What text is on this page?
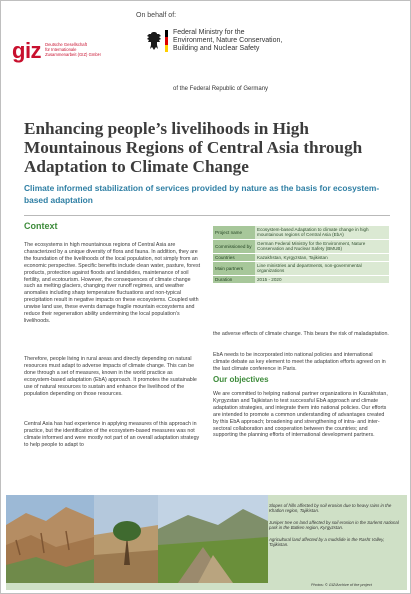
On behalf of:
giz Deutsche Gesellschaft
für Internationale
Zusammenarbeit (GIZ) GmbH
Federal Ministry for the
Environment, Nature Conservation,
Building and Nuclear Safety
of the Federal Republic of Germany
Enhancing people’s livelihoods in High Mountainous Regions of Central Asia through Adaptation to Climate Change
Climate informed stabilization of services provided by nature as the basis for ecosystem-based adaptation
Context

The ecosystems in high mountainous regions of Central Asia are characterized by a unique diversity of flora and fauna. In addition, they are the foundation of the livelihoods of the local population, not simply from an economic perspective. Specific benefits include clean water, pasture, forest products, protection against floods and landslides, maintenance of soil fertility, and ecotourism. However, the consequences of climate change such as melting glaciers, changing river runoff regimes, and weather anomalies including sharp temperature fluctuations and non-typical precipitation result in negative impacts on these ecosystems. Coupled with unwise land use, these events damage fragile mountain ecosystems and reduce their regeneration ability undermining the local population’s livelihoods.

Therefore, people living in rural areas and directly depending on natural resources must adapt to adverse impacts of climate change. This can be done through a set of measures, known in the world practice as ecosystem-based adaptation (EbA) approach. It promotes the sustainable use of natural resources to sustain and enhance the livelihood of the population depending on those resources.

Central Asia has had experience in applying measures of this approach in practice, but the identification of the ecosystem-based measures was not climate informed and were mostly not part of an overall adaptation strategy to help people to adapt to

Project name	Ecosystem-based Adaptation to climate change in high mountainous regions of Central Asia (EbA)
Commissioned by	German Federal Ministry for the Environment, Nature Conservation and Nuclear Safety (BMUB)
Countries	Kazakhstan, Kyrgyzstan, Tajikistan
Main partners	Line ministries and departments, non-governmental organizations
Duration	2015 - 2020

the adverse effects of climate change. This bears the risk of maladaptation.

EbA needs to be incorporated into national policies and international climate debate as key element to meet the adaptation efforts agreed on in the last climate conference in Paris.

Our objectives

We are committed to helping national partner organizations in Kazakhstan, Kyrgyzstan and Tajikistan to test successful EbA approach and climate adaptation strategies, and integrate them into national policies. Our efforts are intended to promote a common understanding of advantages created by this EbA approach; broadening and strengthening of intra- and inter-sectoral collaboration and cooperation between the countries; and supporting the planning efforts of international development partners.

Slopes of hills affected by soil erosion due to heavy rains in the Khatlon region, Tajikistan.

Juniper tree on land affected by soil erosion in the Sarlemt national park in the Batken region, Kyrgyzstan.

Agricultural land affected by a mudslide in the Rasht Valley, Tajikistan.

Photos: © GIZ/Archive of the project
